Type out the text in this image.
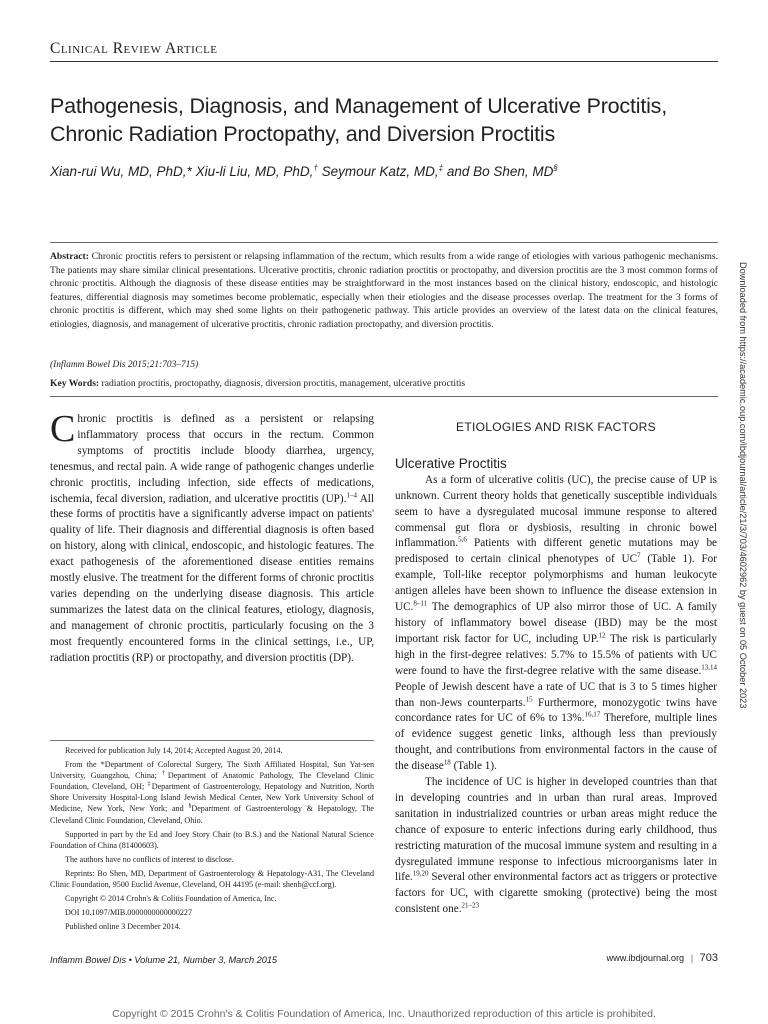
Clinical Review Article
Pathogenesis, Diagnosis, and Management of Ulcerative Proctitis, Chronic Radiation Proctopathy, and Diversion Proctitis
Xian-rui Wu, MD, PhD,* Xiu-li Liu, MD, PhD,† Seymour Katz, MD,‡ and Bo Shen, MD§
Abstract: Chronic proctitis refers to persistent or relapsing inflammation of the rectum, which results from a wide range of etiologies with various pathogenic mechanisms. The patients may share similar clinical presentations. Ulcerative proctitis, chronic radiation proctitis or proctopathy, and diversion proctitis are the 3 most common forms of chronic proctitis. Although the diagnosis of these disease entities may be straightforward in the most instances based on the clinical history, endoscopic, and histologic features, differential diagnosis may sometimes become problematic, especially when their etiologies and the disease processes overlap. The treatment for the 3 forms of chronic proctitis is different, which may shed some lights on their pathogenetic pathway. This article provides an overview of the latest data on the clinical features, etiologies, diagnosis, and management of ulcerative proctitis, chronic radiation proctopathy, and diversion proctitis.
(Inflamm Bowel Dis 2015;21:703–715)
Key Words: radiation proctitis, proctopathy, diagnosis, diversion proctitis, management, ulcerative proctitis

Chronic proctitis is defined as a persistent or relapsing inflammatory process that occurs in the rectum. Common symptoms of proctitis include bloody diarrhea, urgency, tenesmus, and rectal pain. A wide range of pathogenic changes underlie chronic proctitis, including infection, side effects of medications, ischemia, fecal diversion, radiation, and ulcerative proctitis (UP).$^{1-4}$ All these forms of proctitis have a significantly adverse impact on patients' quality of life. Their diagnosis and differential diagnosis is often based on history, along with clinical, endoscopic, and histologic features. The exact pathogenesis of the aforementioned disease entities remains mostly elusive. The treatment for the different forms of chronic proctitis varies depending on the underlying disease diagnosis. This article summarizes the latest data on the clinical features, etiology, diagnosis, and management of chronic proctitis, particularly focusing on the 3 most frequently encountered forms in the clinical settings, i.e., UP, radiation proctitis (RP) or proctopathy, and diversion proctitis (DP).

ETIOLOGIES AND RISK FACTORS
Ulcerative Proctitis

As a form of ulcerative colitis (UC), the precise cause of UP is unknown. Current theory holds that genetically susceptible individuals seem to have a dysregulated mucosal immune response to altered commensal gut flora or dysbiosis, resulting in chronic bowel inflammation.$^{5,6}$ Patients with different genetic mutations may be predisposed to certain clinical phenotypes of $UC^7$ (Table 1). For example, Toll-like receptor polymorphisms and human leukocyte antigen alleles have been shown to influence the disease extension in UC.$^{8-11}$ The demographics of UP also mirror those of UC. A family history of inflammatory bowel disease (IBD) may be the most important risk factor for UC, including UP.$^{12}$ The risk is particularly high in the first-degree relatives: 5.7% to 15.5% of patients with UC were found to have the first-degree relative with the same disease.$^{13,14}$ People of Jewish descent have a rate of UC that is 3 to 5 times higher than non-Jews counterparts.$^{15}$ Furthermore, monozygotic twins have concordance rates for UC of 6% to 13%.$^{16,17}$ Therefore, multiple lines of evidence suggest genetic links, although less than previously thought, and contributions from environmental factors in the cause of the disease$^{18}$ (Table 1).

The incidence of UC is higher in developed countries than that in developing countries and in urban than rural areas. Improved sanitation in industrialized countries or urban areas might reduce the chance of exposure to enteric infections during early childhood, thus restricting maturation of the mucosal immune system and resulting in a dysregulated immune response to infectious microorganisms later in life.$^{19,20}$ Several other environmental factors act as triggers or protective factors for UC, with cigarette smoking (protective) being the most consistent one.$^{21-23}$

Received for publication July 14, 2014; Accepted August 20, 2014.

From the *Department of Colorectal Surgery, The Sixth Affiliated Hospital, Sun Yat-sen University, Guangzhou, China; †Department of Anatomic Pathology, The Cleveland Clinic Foundation, Cleveland, OH; ‡Department of Gastroenterology, Hepatology and Nutrition, North Shore University Hospital-Long Island Jewish Medical Center, New York University School of Medicine, New York, New York; and §Department of Gastroenterology & Hepatology, The Cleveland Clinic Foundation, Cleveland, Ohio.

Supported in part by the Ed and Joey Story Chair (to B.S.) and the National Natural Science Foundation of China (81400603).

The authors have no conflicts of interest to disclose.

Reprints: Bo Shen, MD, Department of Gastroenterology & Hepatology-A31, The Cleveland Clinic Foundation, 9500 Euclid Avenue, Cleveland, OH 44195 (e-mail: shenb@ccf.org).

Copyright © 2014 Crohn's & Colitis Foundation of America, Inc.

DOI 10.1097/MIB.0000000000000227

Published online 3 December 2014.

Inflamm Bowel Dis • Volume 21, Number 3, March 2015	www.ibdjournal.org | 703
Copyright © 2015 Crohn's & Colitis Foundation of America, Inc. Unauthorized reproduction of this article is prohibited.
Downloaded from https://academic.oup.com/ibdjournal/article/21/3/703/4602962 by guest on 05 October 2023
